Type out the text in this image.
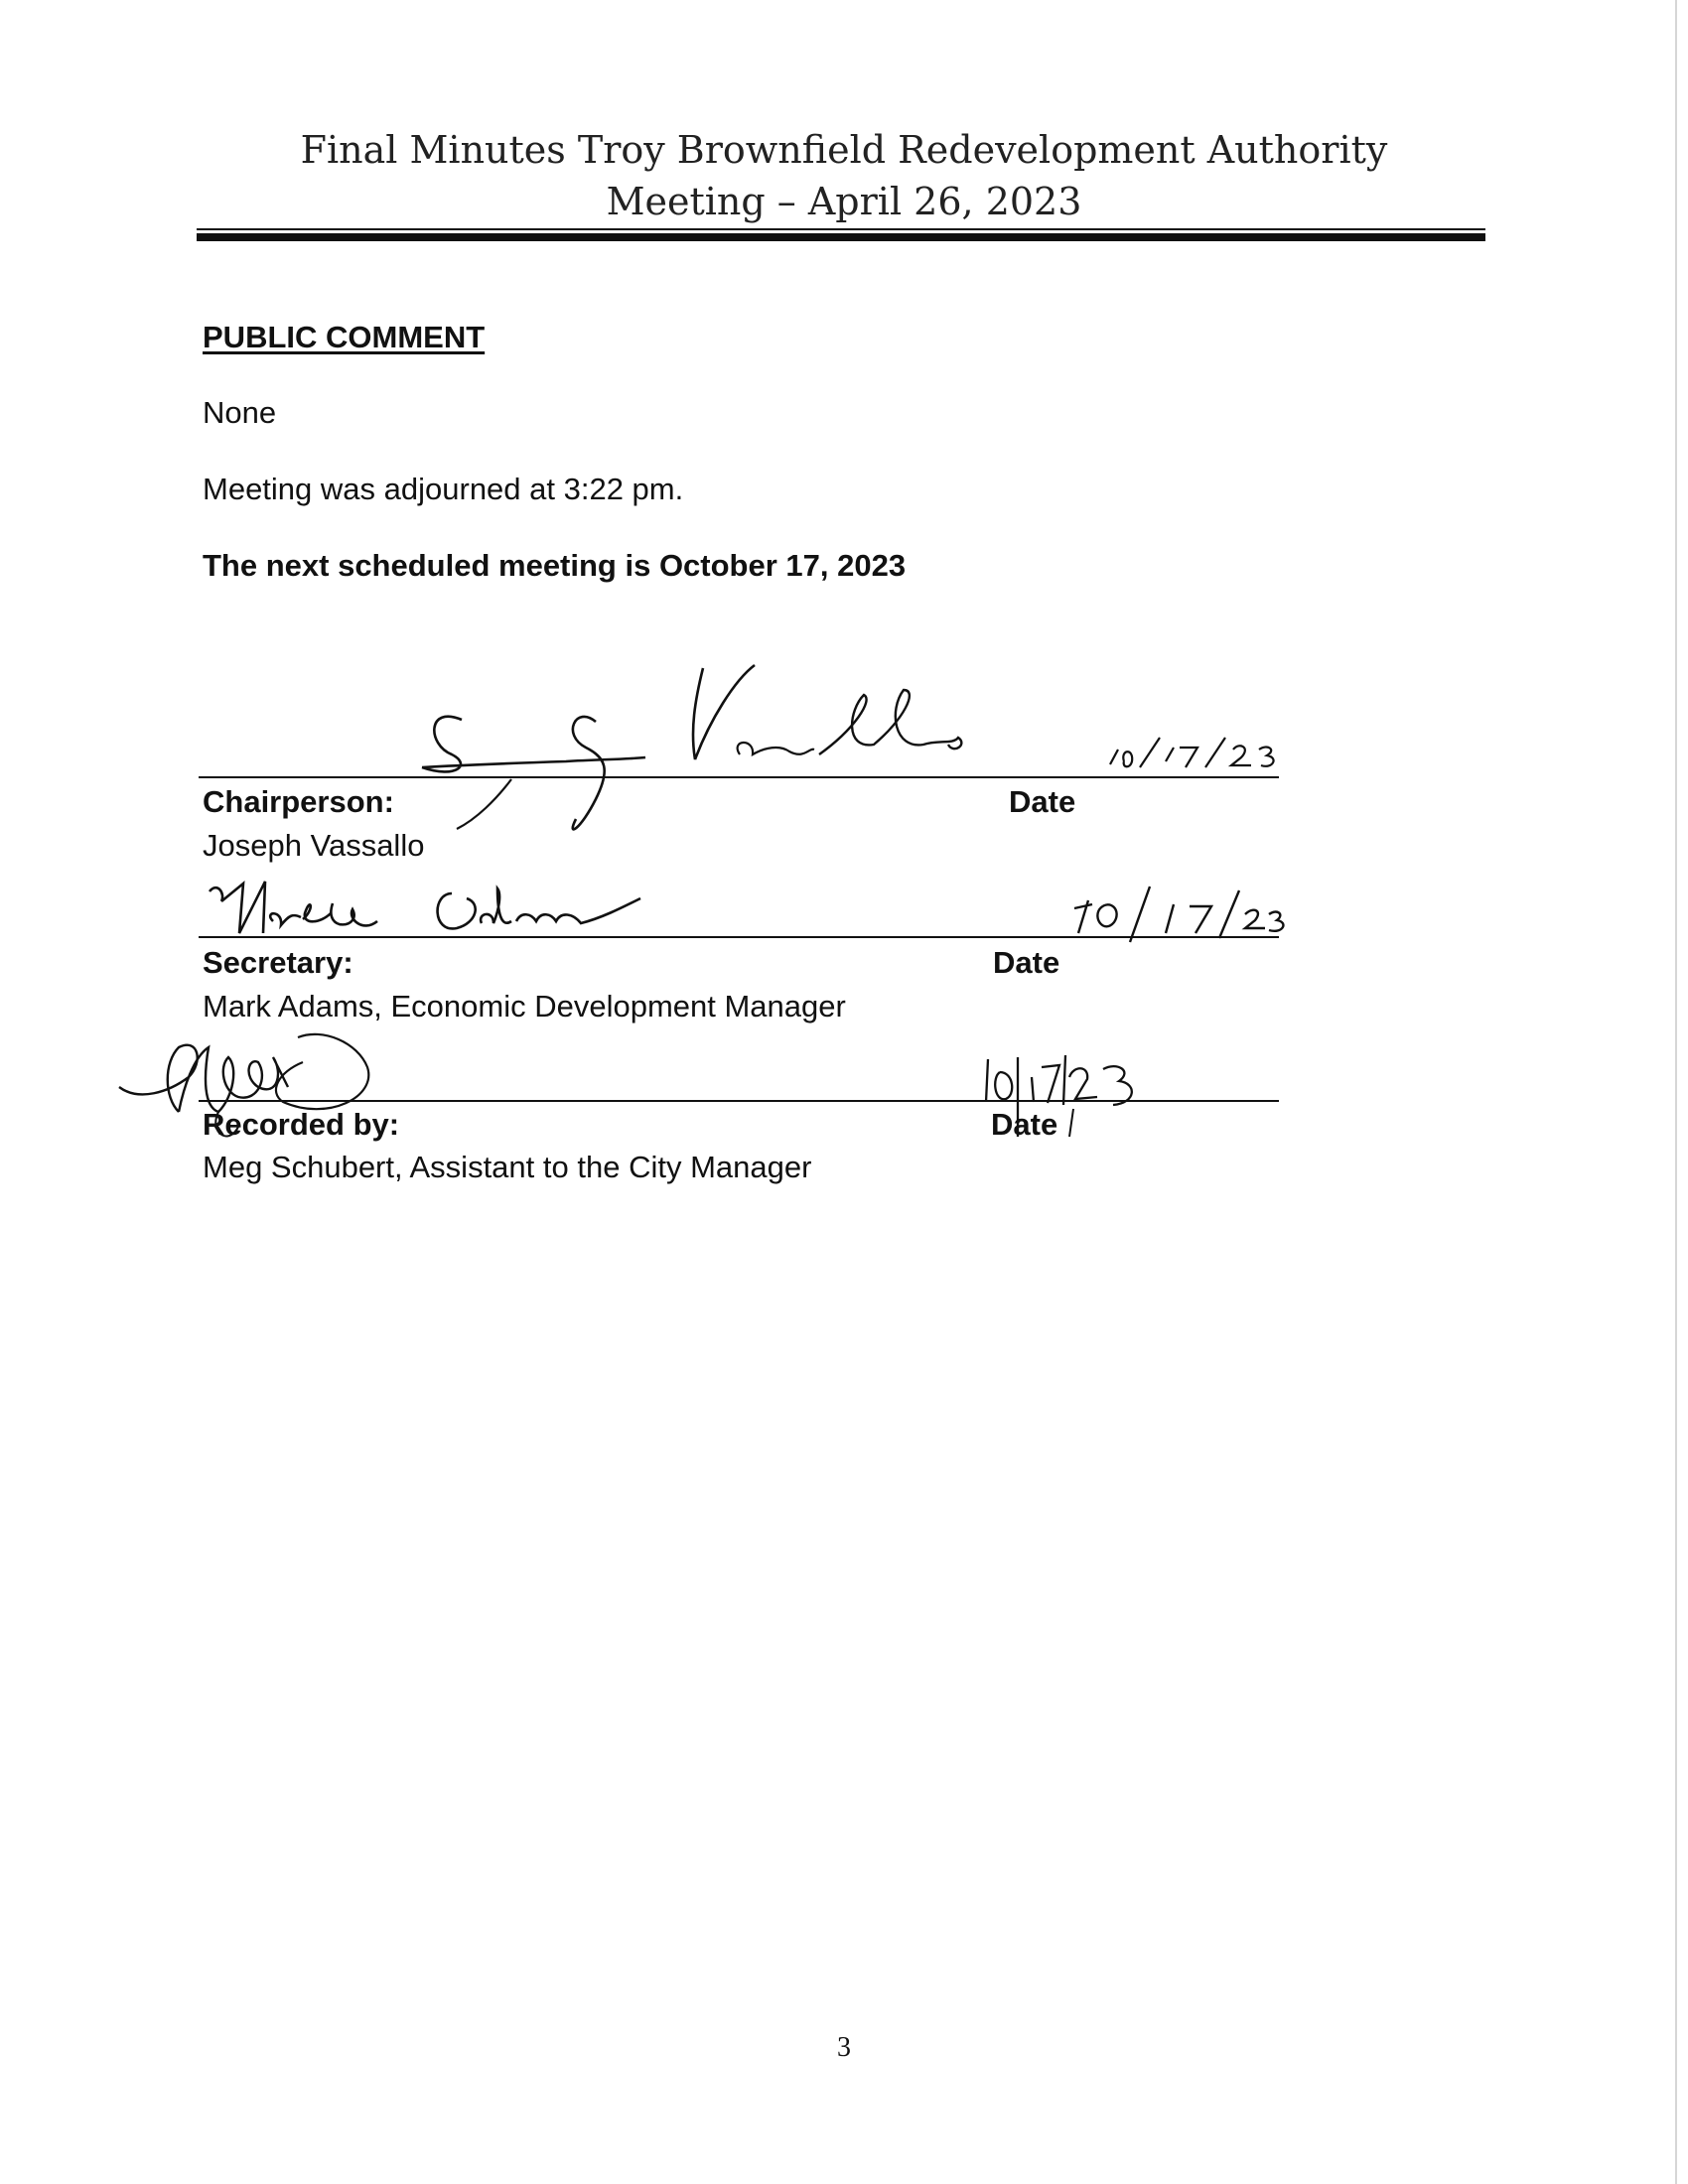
Final Minutes Troy Brownfield Redevelopment Authority
Meeting – April 26, 2023
PUBLIC COMMENT
None
Meeting was adjourned at 3:22 pm.
The next scheduled meeting is October 17, 2023
Chairperson:	Date
Joseph Vassallo
Secretary:	Date
Mark Adams, Economic Development Manager
Recorded by:	Date
Meg Schubert, Assistant to the City Manager
3
